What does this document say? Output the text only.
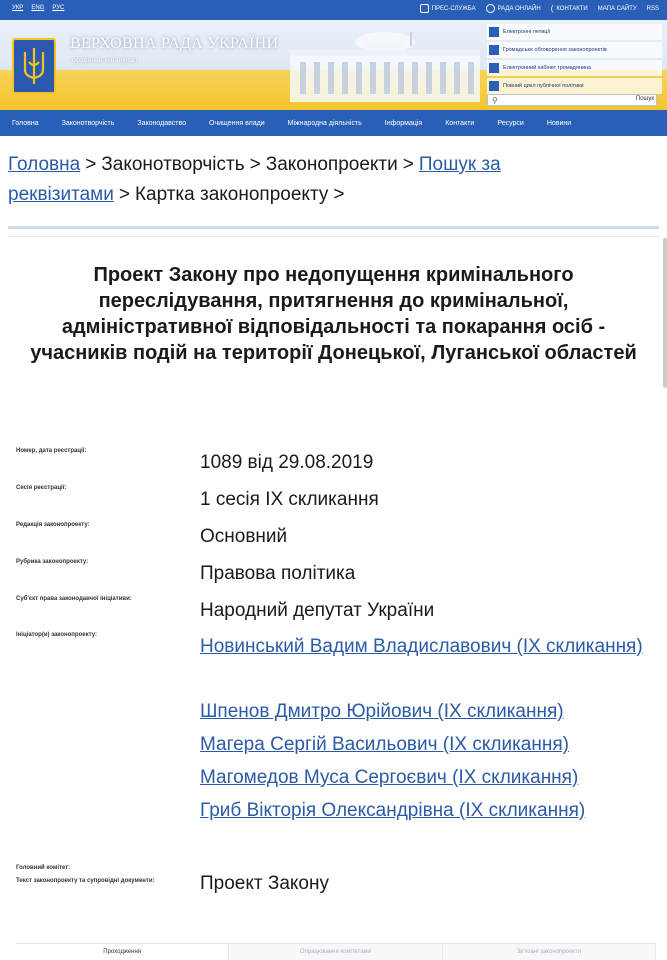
УКР ENG РУС	ПРЕС-СЛУЖБА	РАДА ОНЛАЙН ( КОНТАКТИ МАПА САЙТУ RSS
ВЕРХОВНА РАДА УКРАЇНИ
офіційний веб-портал
Електронні петиції
Громадське обговорення законопроектів
Електронний кабінет громадянина
Повний цикл публічної політики
⚲	Пошук
Головна	Законотворчість	Законодавство	Очищення влади	Міжнародна діяльність	Інформація	Контакти	Ресурси	Новини
Головна > Законотворчість > Законопроекти > Пошук за реквізитами > Картка законопроекту >
Проект Закону про недопущення кримінального переслідування, притягнення до кримінальної, адміністративної відповідальності та покарання осіб - учасників подій на території Донецької, Луганської областей
Номер, дата реєстрації:
1089 від 29.08.2019
Сесія реєстрації:
1 сесія IX скликання
Редакція законопроекту:
Основний
Рубрика законопроекту:
Правова політика
Суб'єкт права законодавчої ініціативи:
Народний депутат України
Ініціатор(и) законопроекту:
Новинський Вадим Владиславович (IX скликання)
Шпенов Дмитро Юрійович (IX скликання)
Магера Сергій Васильович (IX скликання)
Магомедов Муса Сергоєвич (IX скликання)
Гриб Вікторія Олександрівна (IX скликання)
Головний комітет:
Текст законопроекту та супровідні документи:	Проект Закону
Проходження	Опрацювання комітетами	Зв'язані законопроекти
